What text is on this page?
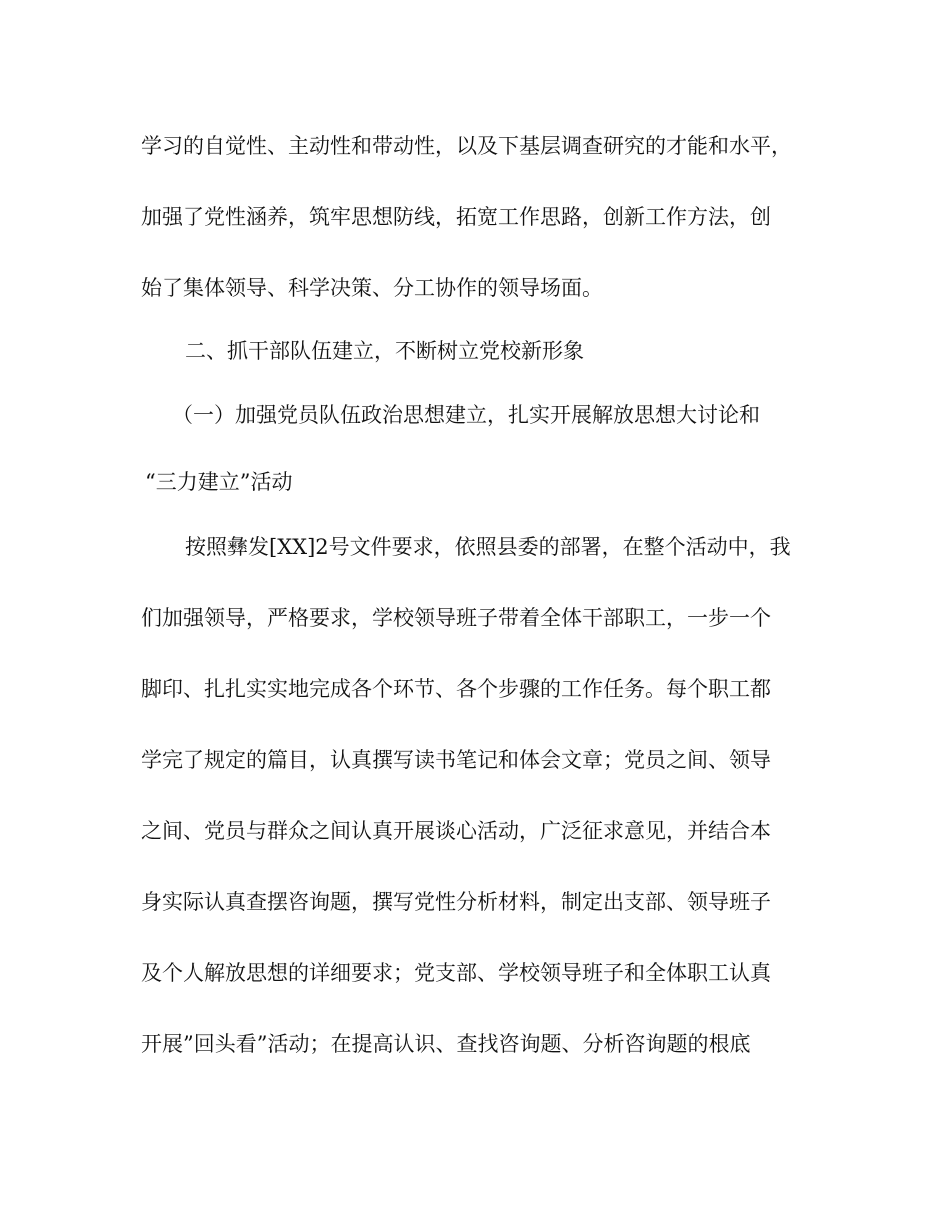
学习的自觉性、主动性和带动性，以及下基层调查研究的才能和水平，
加强了党性涵养，筑牢思想防线，拓宽工作思路，创新工作方法，创
始了集体领导、科学决策、分工协作的领导场面。
二、抓干部队伍建立，不断树立党校新形象
（一）加强党员队伍政治思想建立，扎实开展解放思想大讨论和
“三力建立”活动
按照彝发[XX]2号文件要求，依照县委的部署，在整个活动中，我
们加强领导，严格要求，学校领导班子带着全体干部职工，一步一个
脚印、扎扎实实地完成各个环节、各个步骤的工作任务。每个职工都
学完了规定的篇目，认真撰写读书笔记和体会文章；党员之间、领导
之间、党员与群众之间认真开展谈心活动，广泛征求意见，并结合本
身实际认真查摆咨询题，撰写党性分析材料，制定出支部、领导班子
及个人解放思想的详细要求；党支部、学校领导班子和全体职工认真
开展”回头看”活动；在提高认识、查找咨询题、分析咨询题的根底
